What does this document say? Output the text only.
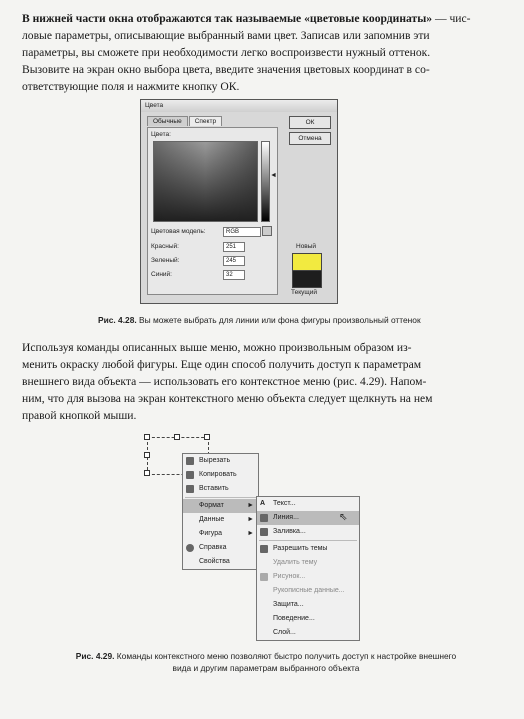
В нижней части окна отображаются так называемые «цветовые координаты» — чис-
ловые параметры, описывающие выбранный вами цвет. Записав или запомнив эти
параметры, вы сможете при необходимости легко воспроизвести нужный оттенок.
Вызовите на экран окно выбора цвета, введите значения цветовых координат в со-
ответствующие поля и нажмите кнопку ОК.
Цвета
Обычные Спектр
Цвета:
◄
Цветовая модель:	RGB
Красный:	251
Зеленый:	245
Синий:	32
ОК
Отмена
Новый
Текущий
Рис. 4.28. Вы можете выбрать для линии или фона фигуры произвольный оттенок
Используя команды описанных выше меню, можно произвольным образом из-
менить окраску любой фигуры. Еще один способ получить доступ к параметрам
внешнего вида объекта — использовать его контекстное меню (рис. 4.29). Напом-
ним, что для вызова на экран контекстного меню объекта следует щелкнуть на нем
правой кнопкой мыши.
Вырезать
Копировать
Вставить
Формат	►
Данные	►
Фигура	►
Справка
Свойства
A	Текст...
Линия...	⇖
Заливка...
Разрешить темы
Удалить тему
Рисунок...
Рукописные данные...
Защита...
Поведение...
Слой...
Рис. 4.29. Команды контекстного меню позволяют быстро получить доступ к настройке внешнего
вида и другим параметрам выбранного объекта
